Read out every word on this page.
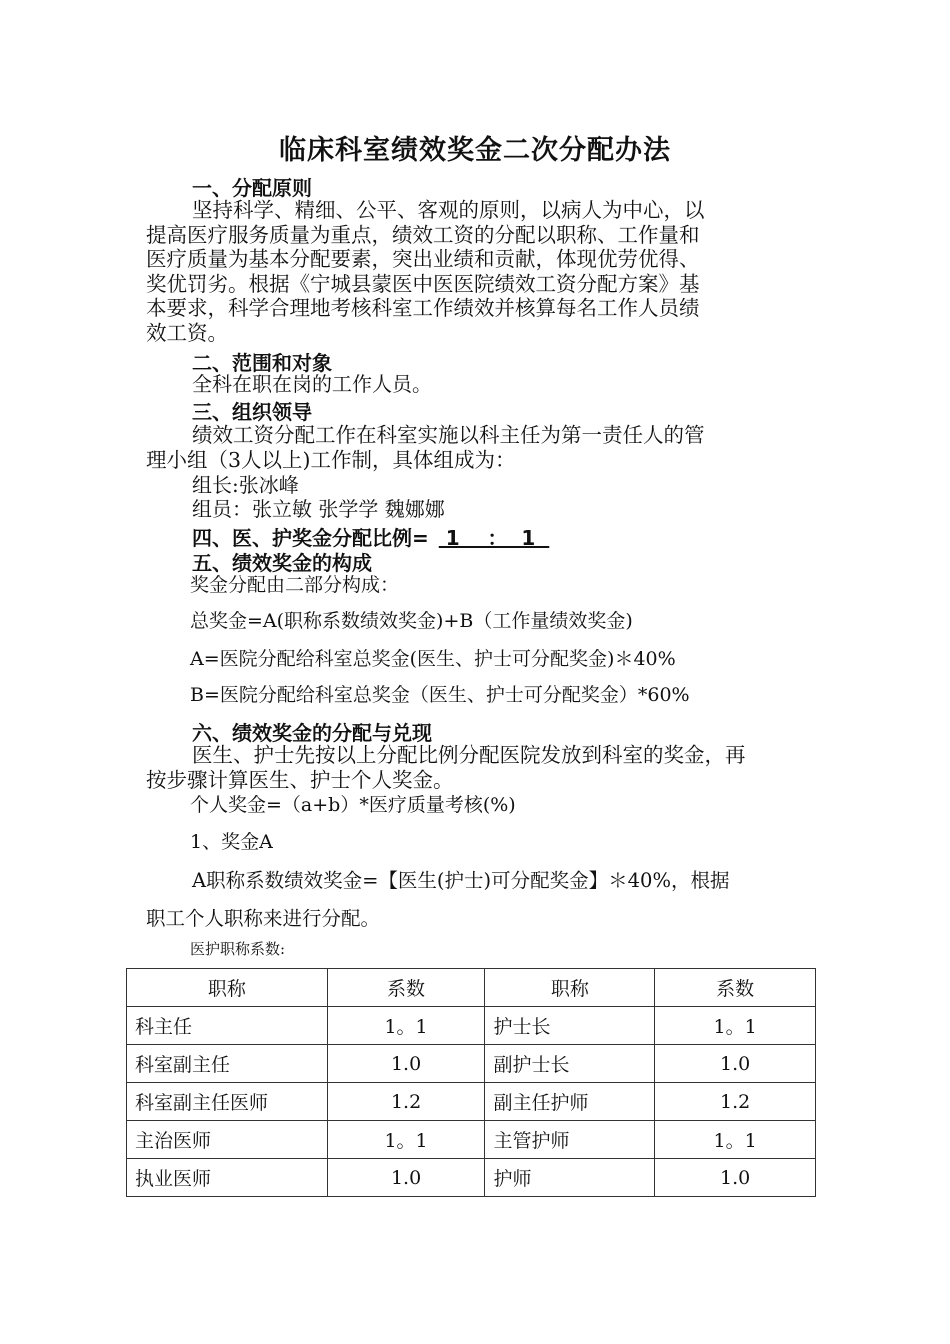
临床科室绩效奖金二次分配办法
一、分配原则
坚持科学、精细、公平、客观的原则，以病人为中心，以
提高医疗服务质量为重点，绩效工资的分配以职称、工作量和
医疗质量为基本分配要素，突出业绩和贡献，体现优劳优得、
奖优罚劣。根据《宁城县蒙医中医医院绩效工资分配方案》基
本要求，科学合理地考核科室工作绩效并核算每名工作人员绩
效工资。
二、范围和对象
全科在职在岗的工作人员。
三、组织领导
绩效工资分配工作在科室实施以科主任为第一责任人的管
理小组（3人以上)工作制，具体组成为：
组长:张冰峰
组员：张立敏 张学学 魏娜娜
四、医、护奖金分配比例= 1    ：  1
五、绩效奖金的构成
奖金分配由二部分构成：
总奖金=A(职称系数绩效奖金)+B（工作量绩效奖金)
A=医院分配给科室总奖金(医生、护士可分配奖金)＊40%
B=医院分配给科室总奖金（医生、护士可分配奖金）*60%
六、绩效奖金的分配与兑现
医生、护士先按以上分配比例分配医院发放到科室的奖金，再
按步骤计算医生、护士个人奖金。
个人奖金=（a+b）*医疗质量考核(%)
1、奖金A
A职称系数绩效奖金=【医生(护士)可分配奖金】＊40%，根据
职工个人职称来进行分配。
医护职称系数:
职称	系数	职称	系数
科主任	1。1	护士长	1。1
科室副主任	1.0	副护士长	1.0
科室副主任医师	1.2	副主任护师	1.2
主治医师	1。1	主管护师	1。1
执业医师	1.0	护师	1.0
